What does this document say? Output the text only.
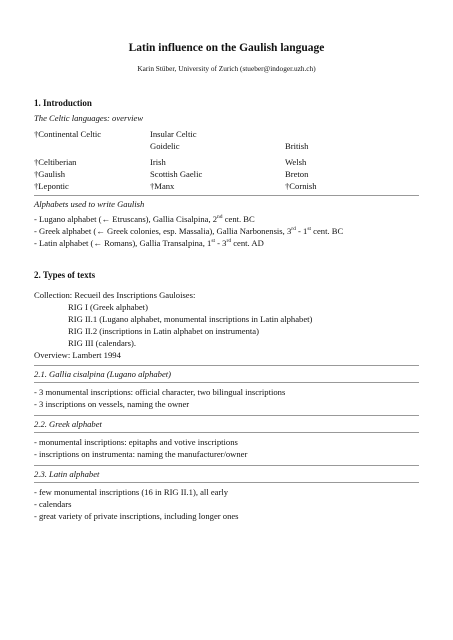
Latin influence on the Gaulish language
Karin Stüber, University of Zurich (stueber@indoger.uzh.ch)
1. Introduction
The Celtic languages: overview
†Continental Celtic	Insular Celtic
Goidelic	British
†Celtiberian
†Gaulish
†Lepontic
Irish
Scottish Gaelic
†Manx
Welsh
Breton
†Cornish
Alphabets used to write Gaulish
- Lugano alphabet (← Etruscans), Gallia Cisalpina, 2nd cent. BC
- Greek alphabet (← Greek colonies, esp. Massalia), Gallia Narbonensis, 3rd - 1st cent. BC
- Latin alphabet (← Romans), Gallia Transalpina, 1st - 3rd cent. AD
2. Types of texts
Collection: Recueil des Inscriptions Gauloises:
RIG I (Greek alphabet)
RIG II.1 (Lugano alphabet, monumental inscriptions in Latin alphabet)
RIG II.2 (inscriptions in Latin alphabet on instrumenta)
RIG III (calendars).
Overview: Lambert 1994
2.1. Gallia cisalpina (Lugano alphabet)
- 3 monumental inscriptions: official character, two bilingual inscriptions
- 3 inscriptions on vessels, naming the owner
2.2. Greek alphabet
- monumental inscriptions: epitaphs and votive inscriptions
- inscriptions on instrumenta: naming the manufacturer/owner
2.3. Latin alphabet
- few monumental inscriptions (16 in RIG II.1), all early
- calendars
- great variety of private inscriptions, including longer ones
